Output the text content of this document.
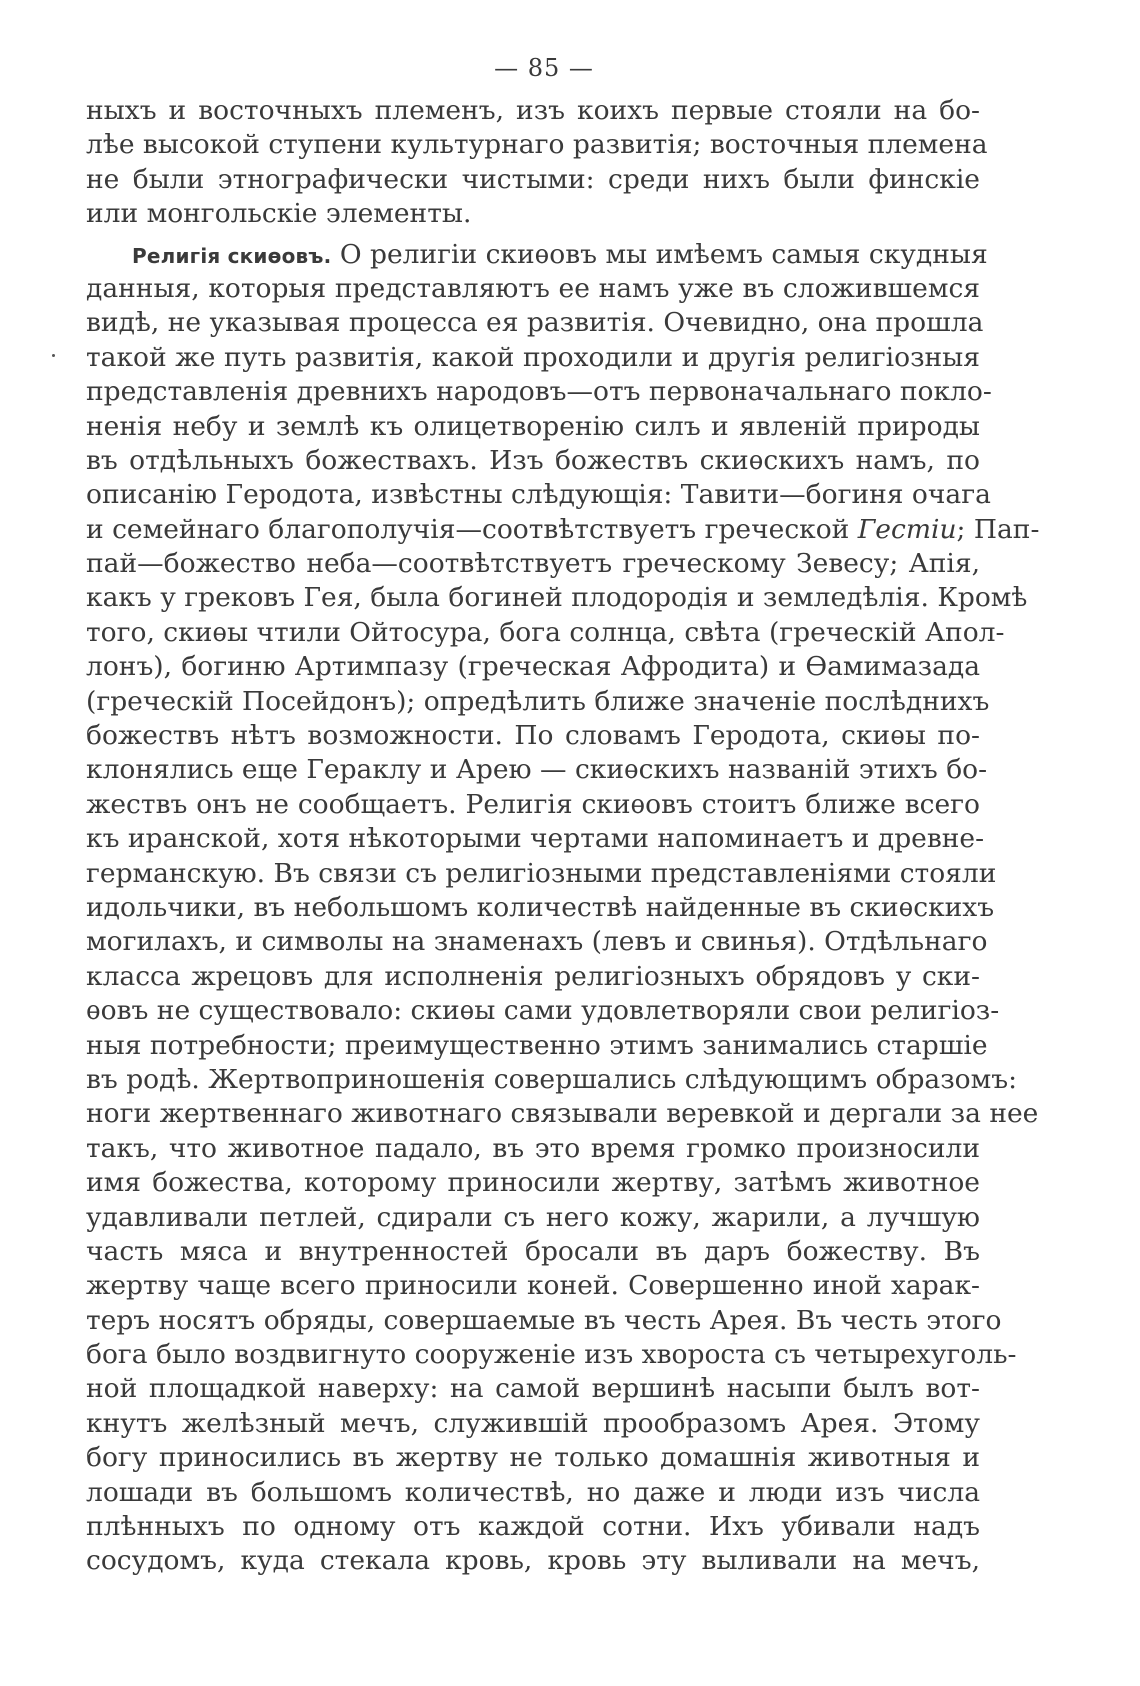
— 85 —
ныхъ и восточныхъ племенъ, изъ коихъ первые стояли на бо-
лѣе высокой ступени культурнаго развитія; восточныя племена
не были этнографически чистыми: среди нихъ были финскіе
или монгольскіе элементы.
Религія скиѳовъ. О религіи скиѳовъ мы имѣемъ самыя скудныя
данныя, которыя представляютъ ее намъ уже въ сложившемся
видѣ, не указывая процесса ея развитія. Очевидно, она прошла
такой же путь развитія, какой проходили и другія религіозныя
представленія древнихъ народовъ—отъ первоначальнаго покло-
ненія небу и землѣ къ олицетворенію силъ и явленій природы
въ отдѣльныхъ божествахъ. Изъ божествъ скиѳскихъ намъ, по
описанію Геродота, извѣстны слѣдующія: Тавити—богиня очага
и семейнаго благополучія—соотвѣтствуетъ греческой Гестіи; Пап-
пай—божество неба—соотвѣтствуетъ греческому Зевесу; Апія,
какъ у грековъ Гея, была богиней плодородія и земледѣлія. Кромѣ
того, скиѳы чтили Ойтосура, бога солнца, свѣта (греческій Апол-
лонъ), богиню Артимпазу (греческая Афродита) и Ѳамимазада
(греческій Посейдонъ); опредѣлить ближе значеніе послѣднихъ
божествъ нѣтъ возможности. По словамъ Геродота, скиѳы по-
клонялись еще Гераклу и Арею — скиѳскихъ названій этихъ бо-
жествъ онъ не сообщаетъ. Религія скиѳовъ стоитъ ближе всего
къ иранской, хотя нѣкоторыми чертами напоминаетъ и древне-
германскую. Въ связи съ религіозными представленіями стояли
идольчики, въ небольшомъ количествѣ найденные въ скиѳскихъ
могилахъ, и символы на знаменахъ (левъ и свинья). Отдѣльнаго
класса жрецовъ для исполненія религіозныхъ обрядовъ у ски-
ѳовъ не существовало: скиѳы сами удовлетворяли свои религіоз-
ныя потребности; преимущественно этимъ занимались старшіе
въ родѣ. Жертвоприношенія совершались слѣдующимъ образомъ:
ноги жертвеннаго животнаго связывали веревкой и дергали за нее
такъ, что животное падало, въ это время громко произносили
имя божества, которому приносили жертву, затѣмъ животное
удавливали петлей, сдирали съ него кожу, жарили, а лучшую
часть мяса и внутренностей бросали въ даръ божеству. Въ
жертву чаще всего приносили коней. Совершенно иной харак-
теръ носятъ обряды, совершаемые въ честь Арея. Въ честь этого
бога было воздвигнуто сооруженіе изъ хвороста съ четырехуголь-
ной площадкой наверху: на самой вершинѣ насыпи былъ вот-
кнутъ желѣзный мечъ, служившій прообразомъ Арея. Этому
богу приносились въ жертву не только домашнія животныя и
лошади въ большомъ количествѣ, но даже и люди изъ числа
плѣнныхъ по одному отъ каждой сотни. Ихъ убивали надъ
сосудомъ, куда стекала кровь, кровь эту выливали на мечъ,
